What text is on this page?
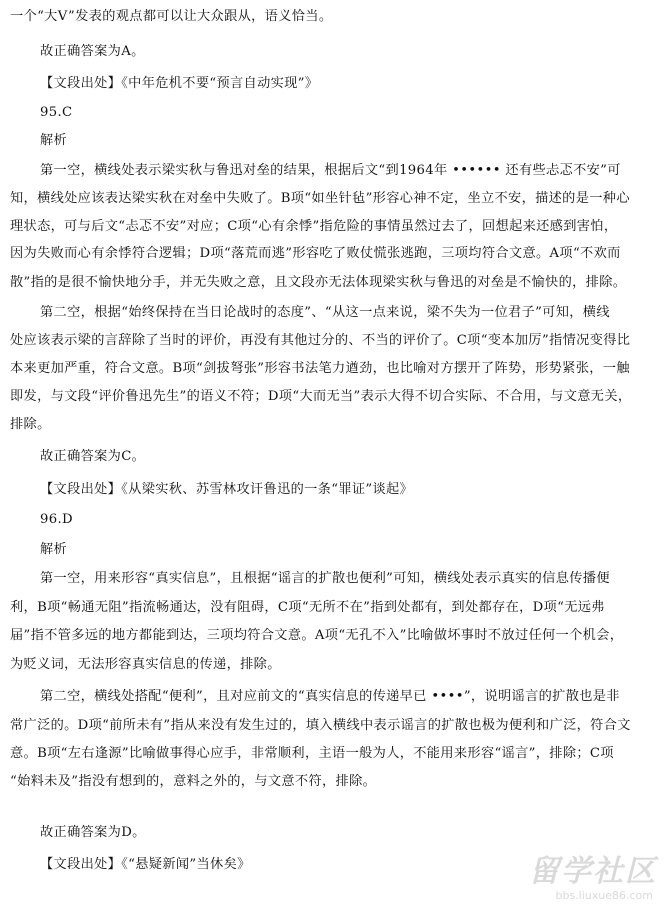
一个“大V”发表的观点都可以让大众跟从，语义恰当。
故正确答案为A。
【文段出处】《中年危机不要“预言自动实现”》
95.C
解析
第一空，横线处表示梁实秋与鲁迅对垒的结果，根据后文“到1964年 •••••• 还有些忐忑不安”可
知，横线处应该表达梁实秋在对垒中失败了。B项“如坐针毡”形容心神不定，坐立不安，描述的是一种心
理状态，可与后文“忐忑不安”对应；C项“心有余悸”指危险的事情虽然过去了，回想起来还感到害怕，
因为失败而心有余悸符合逻辑；D项“落荒而逃”形容吃了败仗慌张逃跑，三项均符合文意。A项“不欢而
散”指的是很不愉快地分手，并无失败之意，且文段亦无法体现梁实秋与鲁迅的对垒是不愉快的，排除。
第二空，根据“始终保持在当日论战时的态度”、“从这一点来说，梁不失为一位君子”可知，横线
处应该表示梁的言辞除了当时的评价，再没有其他过分的、不当的评价了。C项“变本加厉”指情况变得比
本来更加严重，符合文意。B项“剑拔弩张”形容书法笔力遒劲，也比喻对方摆开了阵势，形势紧张，一触
即发，与文段“评价鲁迅先生”的语义不符；D项“大而无当”表示大得不切合实际、不合用，与文意无关，
排除。
故正确答案为C。
【文段出处】《从梁实秋、苏雪林攻讦鲁迅的一条“罪证”谈起》
96.D
解析
第一空，用来形容“真实信息”，且根据“谣言的扩散也便利”可知，横线处表示真实的信息传播便
利，B项“畅通无阻”指流畅通达，没有阻碍，C项“无所不在”指到处都有，到处都存在，D项“无远弗
届”指不管多远的地方都能到达，三项均符合文意。A项“无孔不入”比喻做坏事时不放过任何一个机会，
为贬义词，无法形容真实信息的传递，排除。
第二空，横线处搭配“便利”，且对应前文的“真实信息的传递早已 ••••”，说明谣言的扩散也是非
常广泛的。D项“前所未有”指从来没有发生过的，填入横线中表示谣言的扩散也极为便利和广泛，符合文
意。B项“左右逢源”比喻做事得心应手，非常顺利，主语一般为人，不能用来形容“谣言”，排除；C项
“始料未及”指没有想到的，意料之外的，与文意不符，排除。
故正确答案为D。
【文段出处】《“悬疑新闻”当休矣》	留学社区
bbs.liuxue86.com
